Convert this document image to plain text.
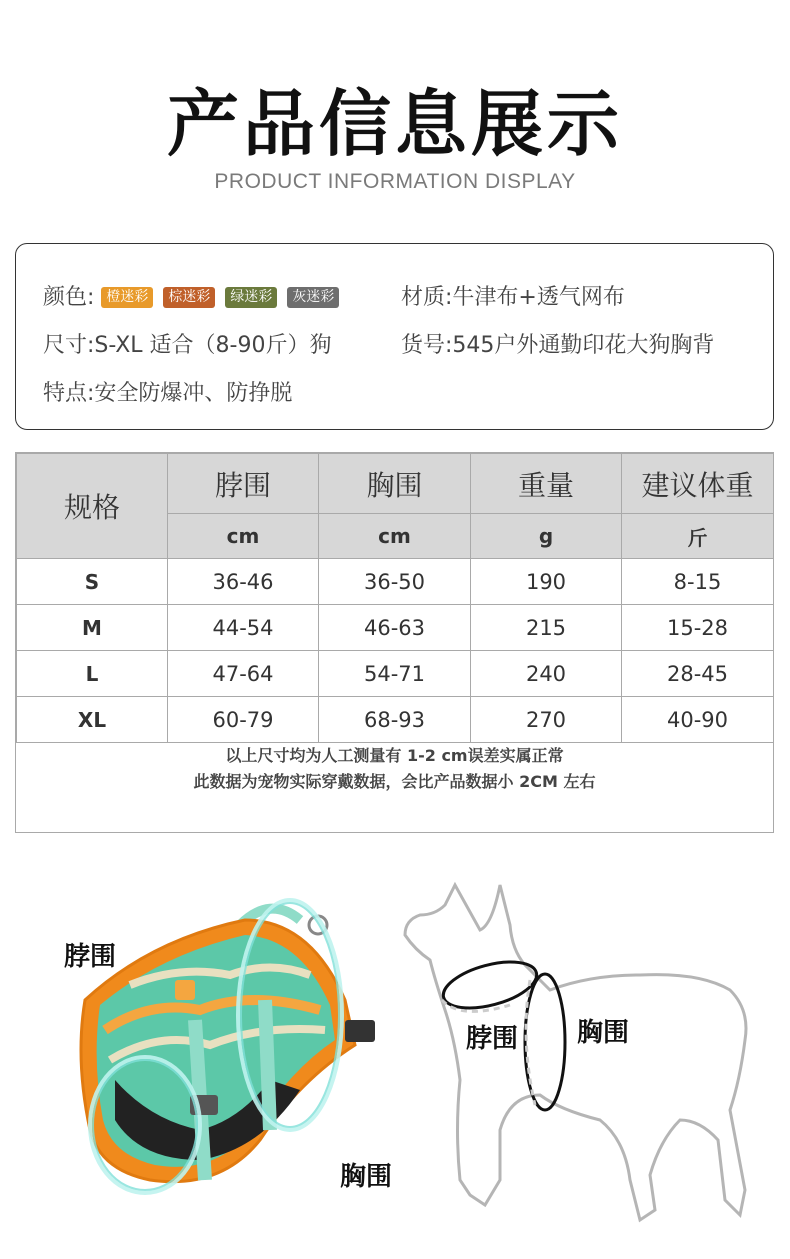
产品信息展示
PRODUCT INFORMATION DISPLAY
颜色: 橙迷彩 棕迷彩 绿迷彩 灰迷彩	材质:牛津布+透气网布
尺寸:S-XL 适合（8-90斤）狗	货号:545户外通勤印花大狗胸背
特点:安全防爆冲、防挣脱
规格	脖围	胸围	重量	建议体重
	cm	cm	g	斤
S	36-46	36-50	190	8-15
M	44-54	46-63	215	15-28
L	47-64	54-71	240	28-45
XL	60-79	68-93	270	40-90
以上尺寸均为人工测量有 1-2 cm误差实属正常
此数据为宠物实际穿戴数据，会比产品数据小 2CM 左右
脖围
胸围
脖围 胸围
